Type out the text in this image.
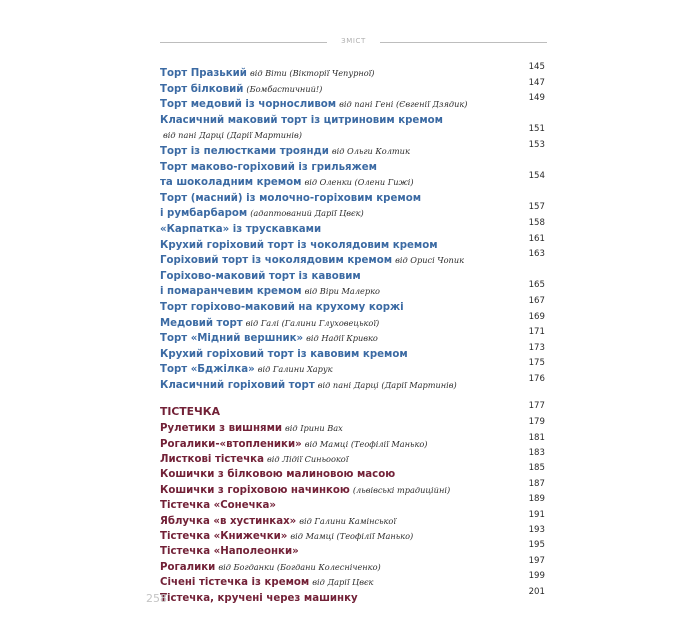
ЗМІСТ
Торт Празький від Віти (Вікторії Чепурної)
145
Торт білковий (Бомбастичний!)
147
Торт медовий із чорносливом від пані Гені (Євгенії Дзядик)
149
Класичний маковий торт із цитриновим кремом
від пані Дарці (Дарії Мартинів)
151
Торт із пелюстками троянди від Ольги Колтик
153
Торт маково-горіховий із грильяжем
та шоколадним кремом від Оленки (Олени Гижі)
154
Торт (масний) із молочно-горіховим кремом
і румбарбаром (адаптований Дарії Цвєк)
157
«Карпатка» із трускавками
158
Крухий горіховий торт із чоколядовим кремом
161
Горіховий торт із чоколядовим кремом від Орисі Чопик
163
Горіхово-маковий торт із кавовим
і помаранчевим кремом від Віри Малерко
165
Торт горіхово-маковий на крухому коржі
167
Медовий торт від Галі (Галини Глуховецької)
169
Торт «Мідний вершник» від Надії Кривко
171
Крухий горіховий торт із кавовим кремом
173
Торт «Бджілка» від Галини Харук
175
Класичний горіховий торт від пані Дарці (Дарії Мартинів)
176
ТІСТЕЧКА	177
Рулетики з вишнями від Ірини Вах
179
Рогалики-«втопленики» від Мамці (Теофілії Манько)
181
Листкові тістечка від Лідії Синьоокої
183
Кошички з білковою малиновою масою
185
Кошички з горіховою начинкою (львівські традиційні)
187
Тістечка «Сонечка»
189
Яблучка «в хустинках» від Галини Камінської
191
Тістечка «Книжечки» від Мамці (Теофілії Манько)
193
Тістечка «Наполеонки»
195
Рогалики від Богданки (Богдани Колесніченко)
197
Січені тістечка із кремом від Дарії Цвєк
199
Тістечка, кручені через машинку
201
258
